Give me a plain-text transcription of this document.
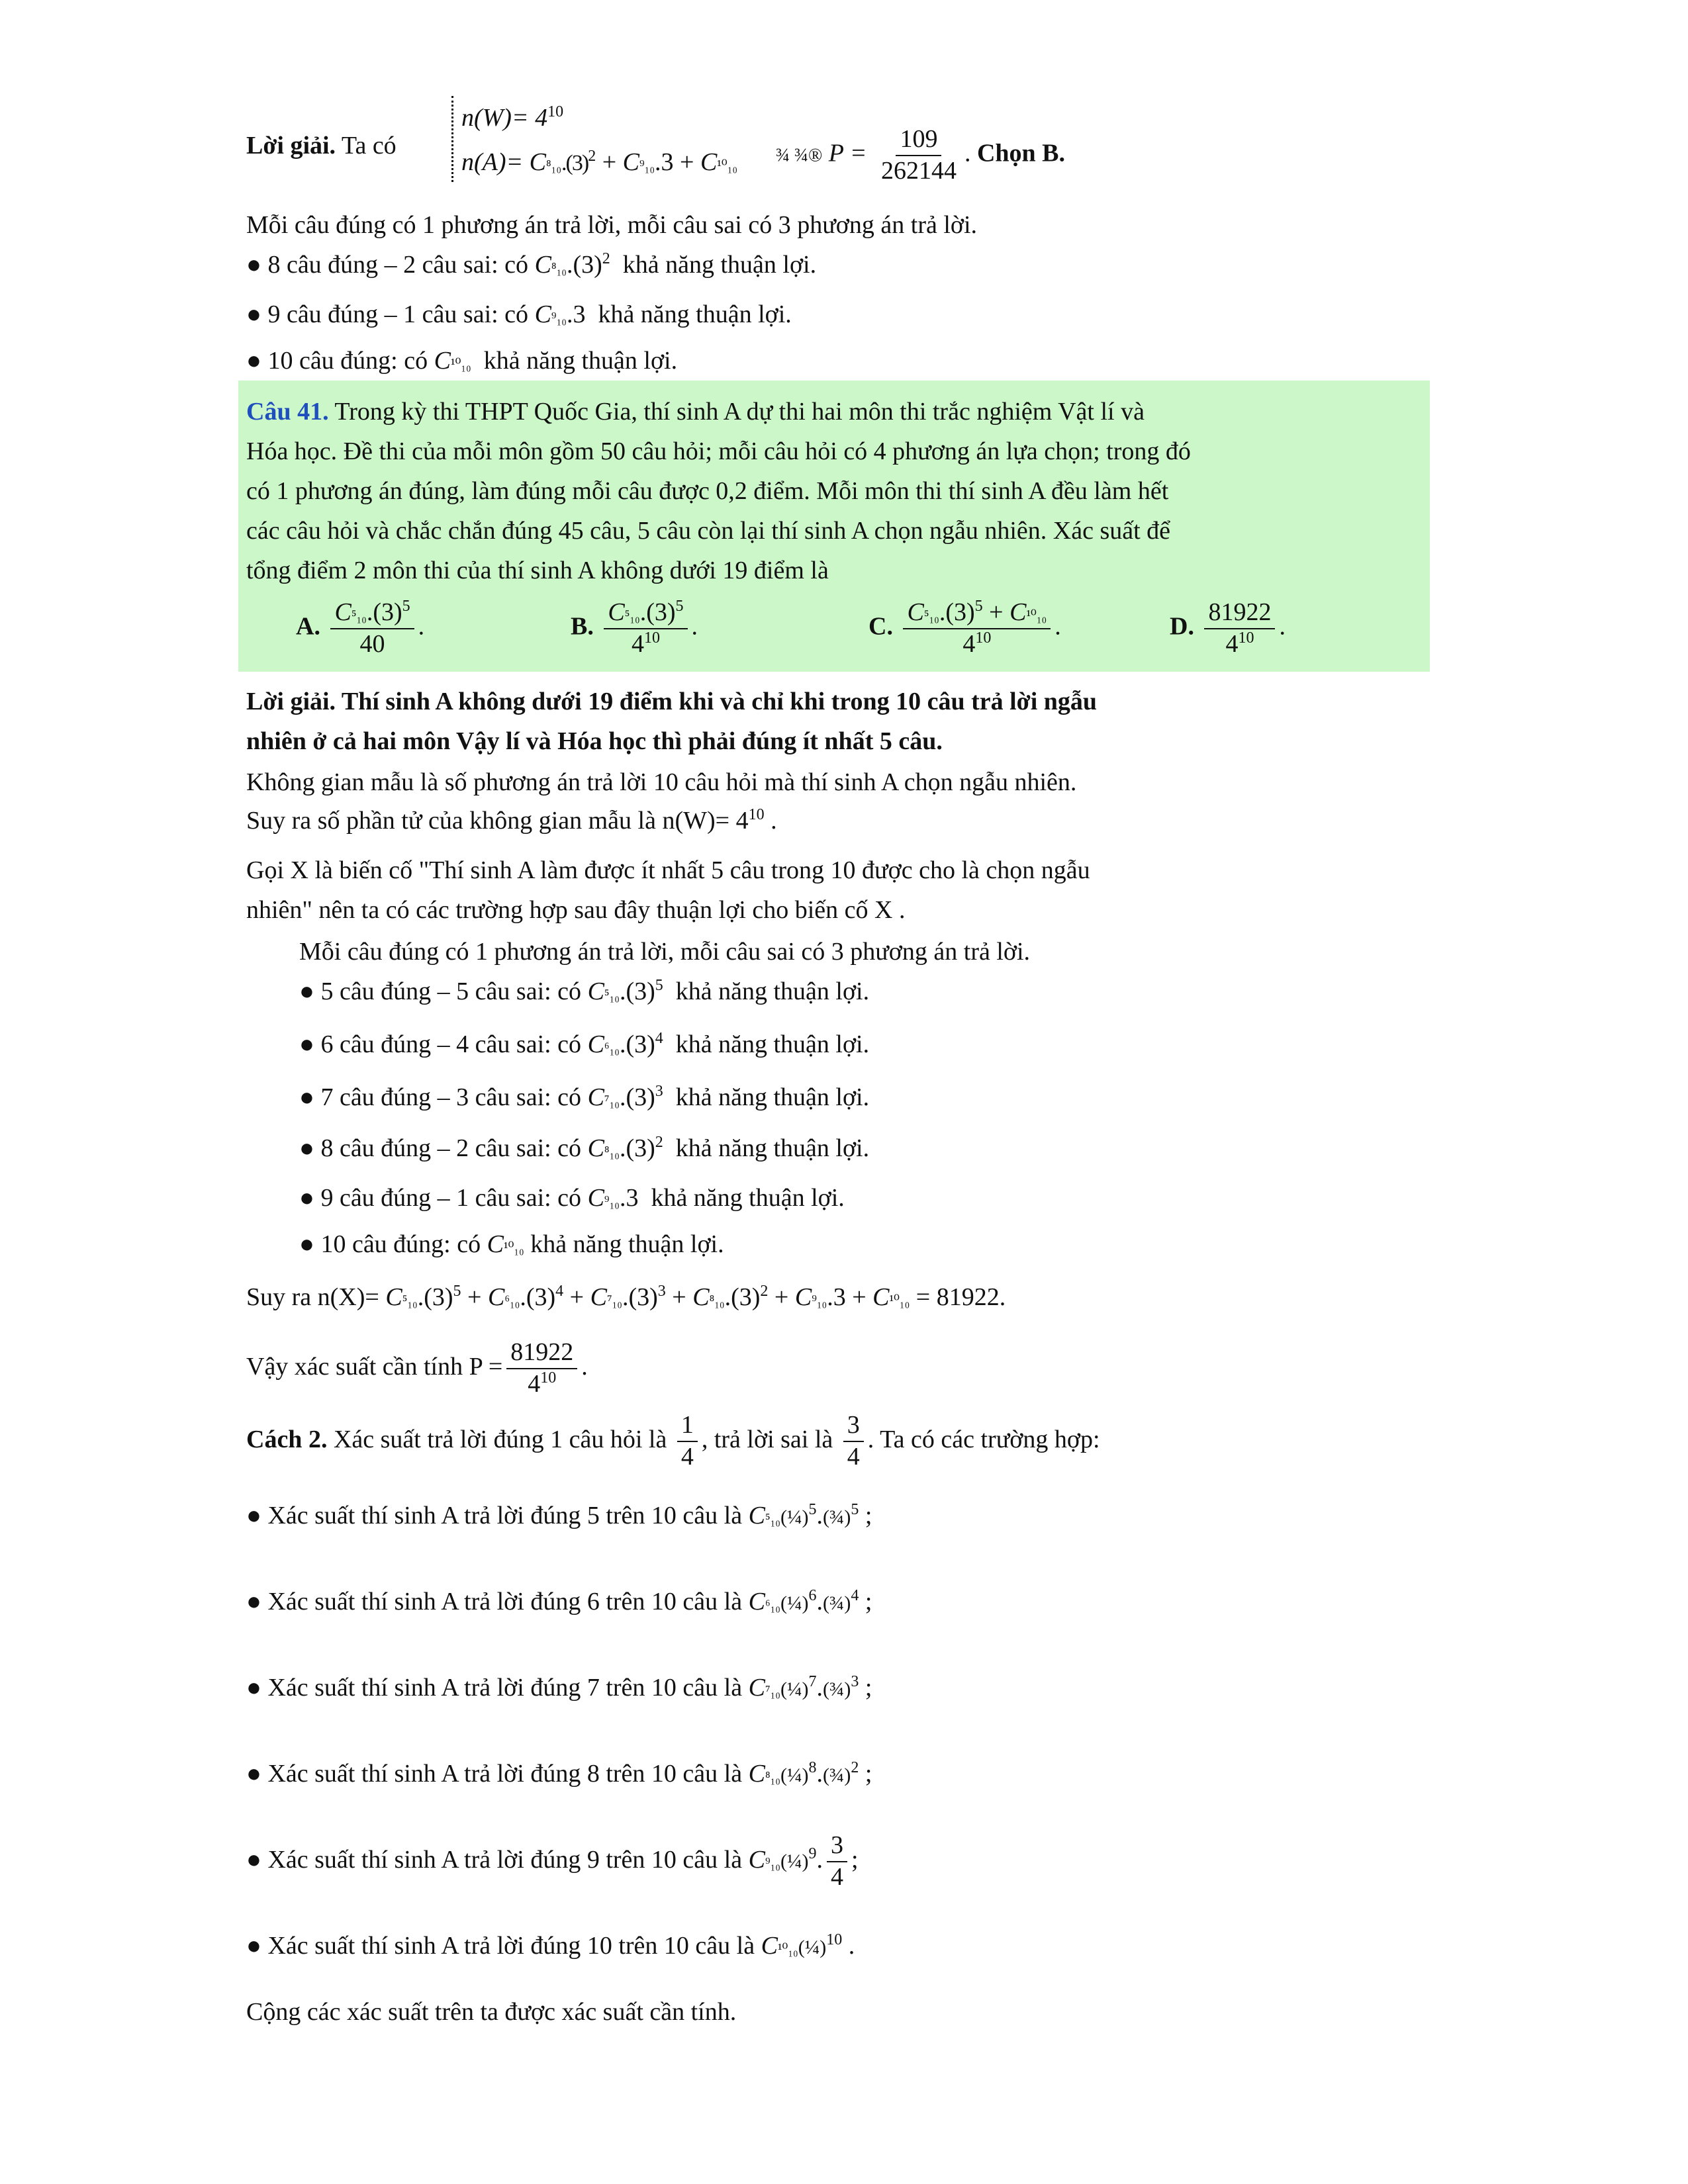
Lời giải. Ta có
$n(W)= 4^{10}$
$n(A)= C^8_{10}.(3)^2 + C^9_{10}.3 + C^{10}_{10}$ ¾ ¾® $P = \frac{109}{262144}$ . Chọn B.
Mỗi câu đúng có 1 phương án trả lời, mỗi câu sai có 3 phương án trả lời.
● 8 câu đúng – 2 câu sai: có $C^8_{10}.(3)^2$ khả năng thuận lợi.
● 9 câu đúng – 1 câu sai: có C⁹₁₀.3  khả năng thuận lợi.
● 10 câu đúng: có C¹⁰₁₀ khả năng thuận lợi.
Câu 41. Trong kỳ thi THPT Quốc Gia, thí sinh A dự thi hai môn thi trắc nghiệm Vật lí và
Hóa học. Đề thi của mỗi môn gồm 50 câu hỏi; mỗi câu hỏi có 4 phương án lựa chọn; trong đó
có 1 phương án đúng, làm đúng mỗi câu được 0,2 điểm. Mỗi môn thi thí sinh A đều làm hết
các câu hỏi và chắc chắn đúng 45 câu, 5 câu còn lại thí sinh A chọn ngẫu nhiên. Xác suất để
tổng điểm 2 môn thi của thí sinh A không dưới 19 điểm là
A. $\frac{C^5_{10}.(3)^5}{40}$ .	B. $\frac{C^5_{10}.(3)^5}{4^{10}}$ .	C. $\frac{C^5_{10}.(3)^5 + C^{10}_{10}}{4^{10}}$ .	D. $\frac{81922}{4^{10}}$ .
Lời giải. Thí sinh A không dưới 19 điểm khi và chỉ khi trong 10 câu trả lời ngẫu
nhiên ở cả hai môn Vậy lí và Hóa học thì phải đúng ít nhất 5 câu.
Không gian mẫu là số phương án trả lời 10 câu hỏi mà thí sinh A chọn ngẫu nhiên.
Suy ra số phần tử của không gian mẫu là $n(W)= 4^{10}$ .
Gọi X là biến cố "Thí sinh A làm được ít nhất 5 câu trong 10 được cho là chọn ngẫu
nhiên" nên ta có các trường hợp sau đây thuận lợi cho biến cố X .
Mỗi câu đúng có 1 phương án trả lời, mỗi câu sai có 3 phương án trả lời.
● 5 câu đúng – 5 câu sai: có $C^5_{10}.(3)^5$ khả năng thuận lợi.
● 6 câu đúng – 4 câu sai: có $C^6_{10}.(3)^4$ khả năng thuận lợi.
● 7 câu đúng – 3 câu sai: có $C^7_{10}.(3)^3$ khả năng thuận lợi.
● 8 câu đúng – 2 câu sai: có $C^8_{10}.(3)^2$ khả năng thuận lợi.
● 9 câu đúng – 1 câu sai: có C⁹₁₀.3  khả năng thuận lợi.
● 10 câu đúng: có C¹⁰₁₀ khả năng thuận lợi.
Suy ra $n(X)= C^5_{10}.(3)^5 + C^6_{10}.(3)^4 + C^7_{10}.(3)^3 + C^8_{10}.(3)^2 + C^9_{10}.3 + C^{10}_{10} = 81922$.
Vậy xác suất cần tính $P = \frac{81922}{4^{10}}$ .
Cách 2. Xác suất trả lời đúng 1 câu hỏi là $\frac{1}{4}$ , trả lời sai là $\frac{3}{4}$ . Ta có các trường hợp:
● Xác suất thí sinh A trả lời đúng 5 trên 10 câu là C⁵₁₀(¼)$^5$.(¾)$^5$ ;
● Xác suất thí sinh A trả lời đúng 6 trên 10 câu là C⁶₁₀(¼)$^6$.(¾)$^4$ ;
● Xác suất thí sinh A trả lời đúng 7 trên 10 câu là C⁷₁₀(¼)$^7$.(¾)$^3$ ;
● Xác suất thí sinh A trả lời đúng 8 trên 10 câu là C⁸₁₀(¼)$^8$.(¾)$^2$ ;
● Xác suất thí sinh A trả lời đúng 9 trên 10 câu là C⁹₁₀(¼)$^9$. $\frac{3}{4}$ ;
● Xác suất thí sinh A trả lời đúng 10 trên 10 câu là C¹⁰₁₀(¼)$^{10}$ .
Cộng các xác suất trên ta được xác suất cần tính.
